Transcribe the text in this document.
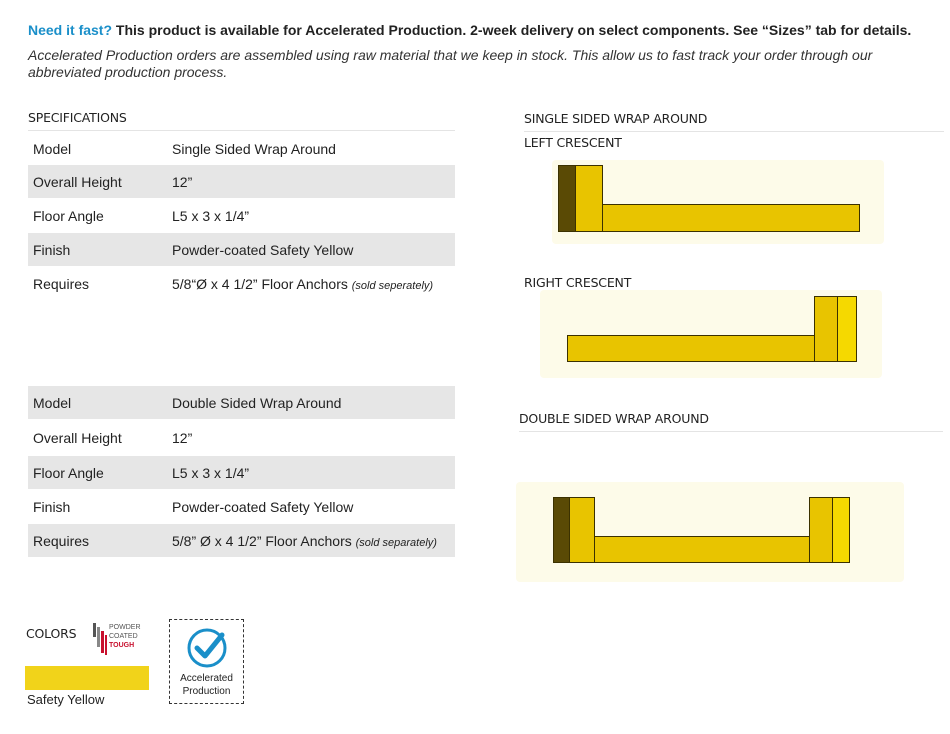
Need it fast? This product is available for Accelerated Production. 2-week delivery on select components. See “Sizes” tab for details.
Accelerated Production orders are assembled using raw material that we keep in stock. This allow us to fast track your order through our abbreviated production process.
SPECIFICATIONS
Model	Single Sided Wrap Around
Overall Height	12”
Floor Angle	L5 x 3 x 1/4”
Finish	Powder-coated Safety Yellow
Requires	5/8“Ø x 4 1/2” Floor Anchors (sold seperately)
Model	Double Sided Wrap Around
Overall Height	12”
Floor Angle	L5 x 3 x 1/4”
Finish	Powder-coated Safety Yellow
Requires	5/8” Ø x 4 1/2” Floor Anchors (sold separately)
SINGLE SIDED WRAP AROUND
LEFT CRESCENT
RIGHT CRESCENT
DOUBLE SIDED WRAP AROUND
COLORS	POWDER
COATED
TOUGH
Safety Yellow
Accelerated
Production
